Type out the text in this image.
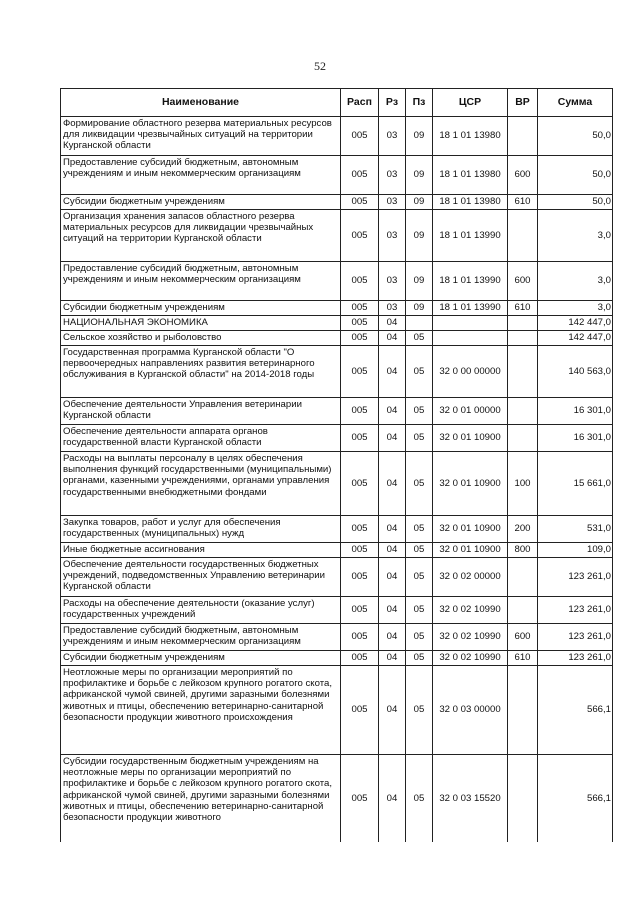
52
Наименование	Расп	Рз	Пз	ЦСР	ВР	Сумма
Формирование областного резерва материальных ресурсов для ликвидации чрезвычайных ситуаций на территории Курганской области	005	03	09	18 1 01 13980		50,0
Предоставление субсидий бюджетным, автономным учреждениям и иным некоммерческим организациям	005	03	09	18 1 01 13980	600	50,0
Субсидии бюджетным учреждениям	005	03	09	18 1 01 13980	610	50,0
Организация хранения запасов областного резерва материальных ресурсов для ликвидации чрезвычайных ситуаций на территории Курганской области	005	03	09	18 1 01 13990		3,0
Предоставление субсидий бюджетным, автономным учреждениям и иным некоммерческим организациям	005	03	09	18 1 01 13990	600	3,0
Субсидии бюджетным учреждениям	005	03	09	18 1 01 13990	610	3,0
НАЦИОНАЛЬНАЯ ЭКОНОМИКА	005	04				142 447,0
Сельское хозяйство и рыболовство	005	04	05			142 447,0
Государственная программа Курганской области "О первоочередных направлениях развития ветеринарного обслуживания в Курганской области" на 2014-2018 годы	005	04	05	32 0 00 00000		140 563,0
Обеспечение деятельности Управления ветеринарии Курганской области	005	04	05	32 0 01 00000		16 301,0
Обеспечение деятельности аппарата органов государственной власти Курганской области	005	04	05	32 0 01 10900		16 301,0
Расходы на выплаты персоналу в целях обеспечения выполнения функций государственными (муниципальными) органами, казенными учреждениями, органами управления государственными внебюджетными фондами	005	04	05	32 0 01 10900	100	15 661,0
Закупка товаров, работ и услуг для обеспечения государственных (муниципальных) нужд	005	04	05	32 0 01 10900	200	531,0
Иные бюджетные ассигнования	005	04	05	32 0 01 10900	800	109,0
Обеспечение деятельности государственных бюджетных учреждений, подведомственных Управлению ветеринарии Курганской области	005	04	05	32 0 02 00000		123 261,0
Расходы на обеспечение деятельности (оказание услуг) государственных учреждений	005	04	05	32 0 02 10990		123 261,0
Предоставление субсидий бюджетным, автономным учреждениям и иным некоммерческим организациям	005	04	05	32 0 02 10990	600	123 261,0
Субсидии бюджетным учреждениям	005	04	05	32 0 02 10990	610	123 261,0
Неотложные меры по организации мероприятий по профилактике и борьбе с лейкозом крупного рогатого скота, африканской чумой свиней, другими заразными болезнями животных и птицы, обеспечению ветеринарно-санитарной безопасности продукции животного происхождения	005	04	05	32 0 03 00000		566,1
Субсидии государственным бюджетным учреждениям на неотложные меры по организации мероприятий по профилактике и борьбе с лейкозом крупного рогатого скота, африканской чумой свиней, другими заразными болезнями животных и птицы, обеспечению ветеринарно-санитарной безопасности продукции животного	005	04	05	32 0 03 15520		566,1
